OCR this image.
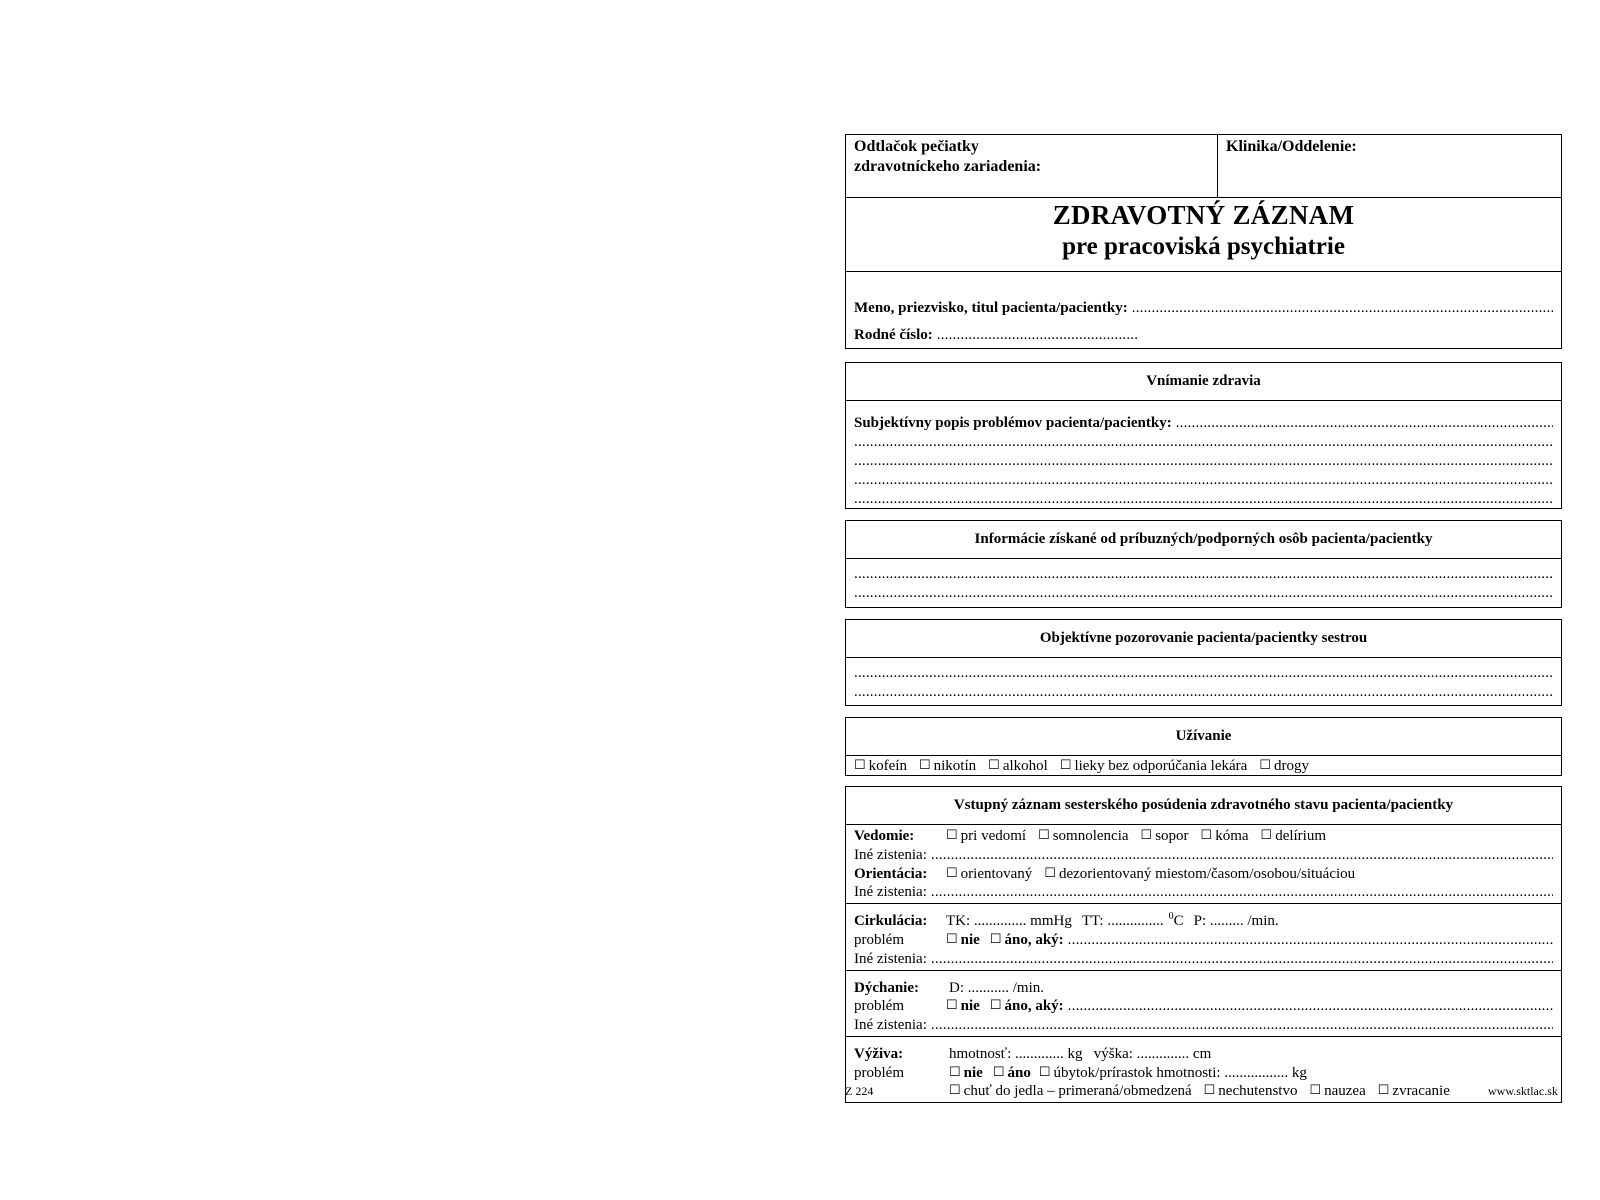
Odtlačok pečiatky
zdravotníckeho zariadenia:
Klinika/Oddelenie:
ZDRAVOTNÝ ZÁZNAM
pre pracoviská psychiatrie
Meno, priezvisko, titul pacienta/pacientky:
.....
Rodné číslo:
.....
Vnímanie zdravia
Subjektívny popis problémov pacienta/pacientky:
.....
.....
.....
.....
.....
Informácie získané od príbuzných/podporných osôb pacienta/pacientky
.....
.....
Objektívne pozorovanie pacienta/pacientky sestrou
.....
.....
Užívanie
☐ kofeín ☐ nikotín ☐ alkohol ☐ lieky bez odporúčania lekára ☐ drogy
Vstupný záznam sesterského posúdenia zdravotného stavu pacienta/pacientky
Vedomie:	☐ pri vedomí ☐ somnolencia ☐ sopor ☐ kóma ☐ delírium
Iné zistenia:
.....
Orientácia:	☐ orientovaný ☐ dezorientovaný miestom/časom/osobou/situáciou
Iné zistenia:
.....
Cirkulácia:	TK: .............. mmHg TT: ............... $^0$C P: ......... /min.
problém	☐ nie ☐ áno, aký:
.....
Iné zistenia:
.....
Dýchanie:	D: ........... /min.
problém	☐ nie ☐ áno, aký:
.....
Iné zistenia:
.....
Výživa:	hmotnosť: ............. kg   výška: .............. cm
problém	☐ nie ☐ áno ☐ úbytok/prírastok hmotnosti: ................. kg
☐ chuť do jedla – primeraná/obmedzená ☐ nechutenstvo ☐ nauzea ☐ zvracanie
Z 224	www.sktlac.sk
